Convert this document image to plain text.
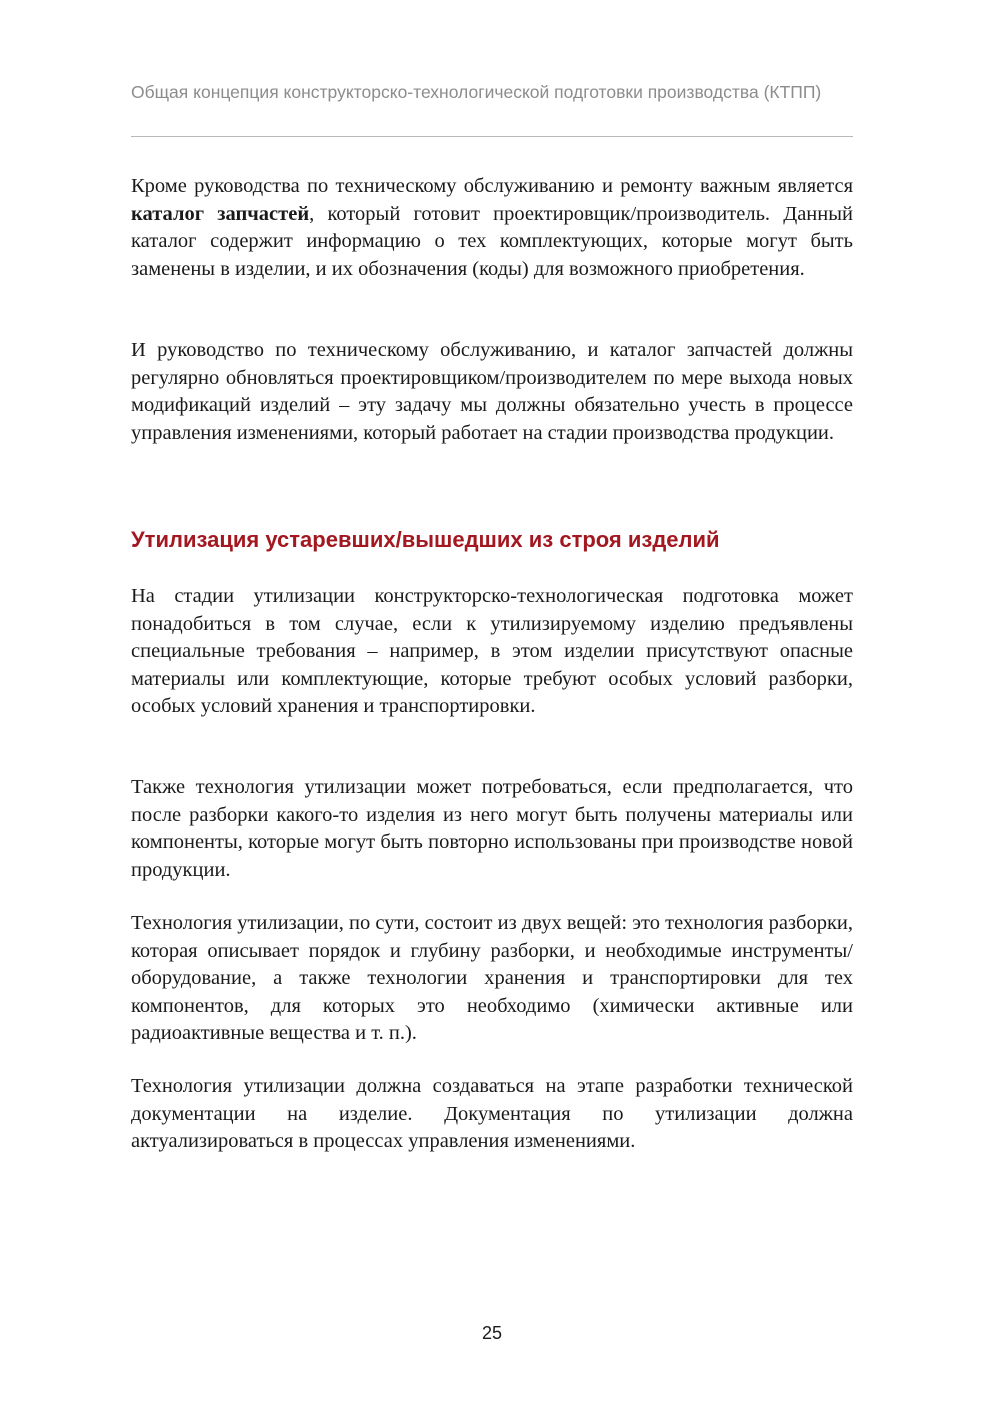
Общая концепция конструкторско-технологической подготовки производства (КТПП)

Кроме руководства по техническому обслуживанию и ремонту важным является каталог запчастей, который готовит проектировщик/производитель. Данный каталог содержит информацию о тех комплектующих, которые могут быть заменены в изделии, и их обозначения (коды) для возможного приобретения.

И руководство по техническому обслуживанию, и каталог запчастей должны регулярно обновляться проектировщиком/производителем по мере выхода новых модификаций изделий – эту задачу мы должны обязательно учесть в процессе управления изменениями, который работает на стадии производства продукции.

Утилизация устаревших/вышедших из строя изделий

На стадии утилизации конструкторско-технологическая подготовка может понадобиться в том случае, если к утилизируемому изделию предъявлены специальные требования – например, в этом изделии присутствуют опасные материалы или комплектующие, которые требуют особых условий разборки, особых условий хранения и транспортировки.

Также технология утилизации может потребоваться, если предполагается, что после разборки какого-то изделия из него могут быть получены материалы или компоненты, которые могут быть повторно использованы при производстве новой продукции.

Технология утилизации, по сути, состоит из двух вещей: это технология разборки, которая описывает порядок и глубину разборки, и необходимые инструменты/оборудование, а также технологии хранения и транспортировки для тех компонентов, для которых это необходимо (химически активные или радиоактивные вещества и т. п.).

Технология утилизации должна создаваться на этапе разработки технической документации на изделие. Документация по утилизации должна актуализироваться в процессах управления изменениями.

25
